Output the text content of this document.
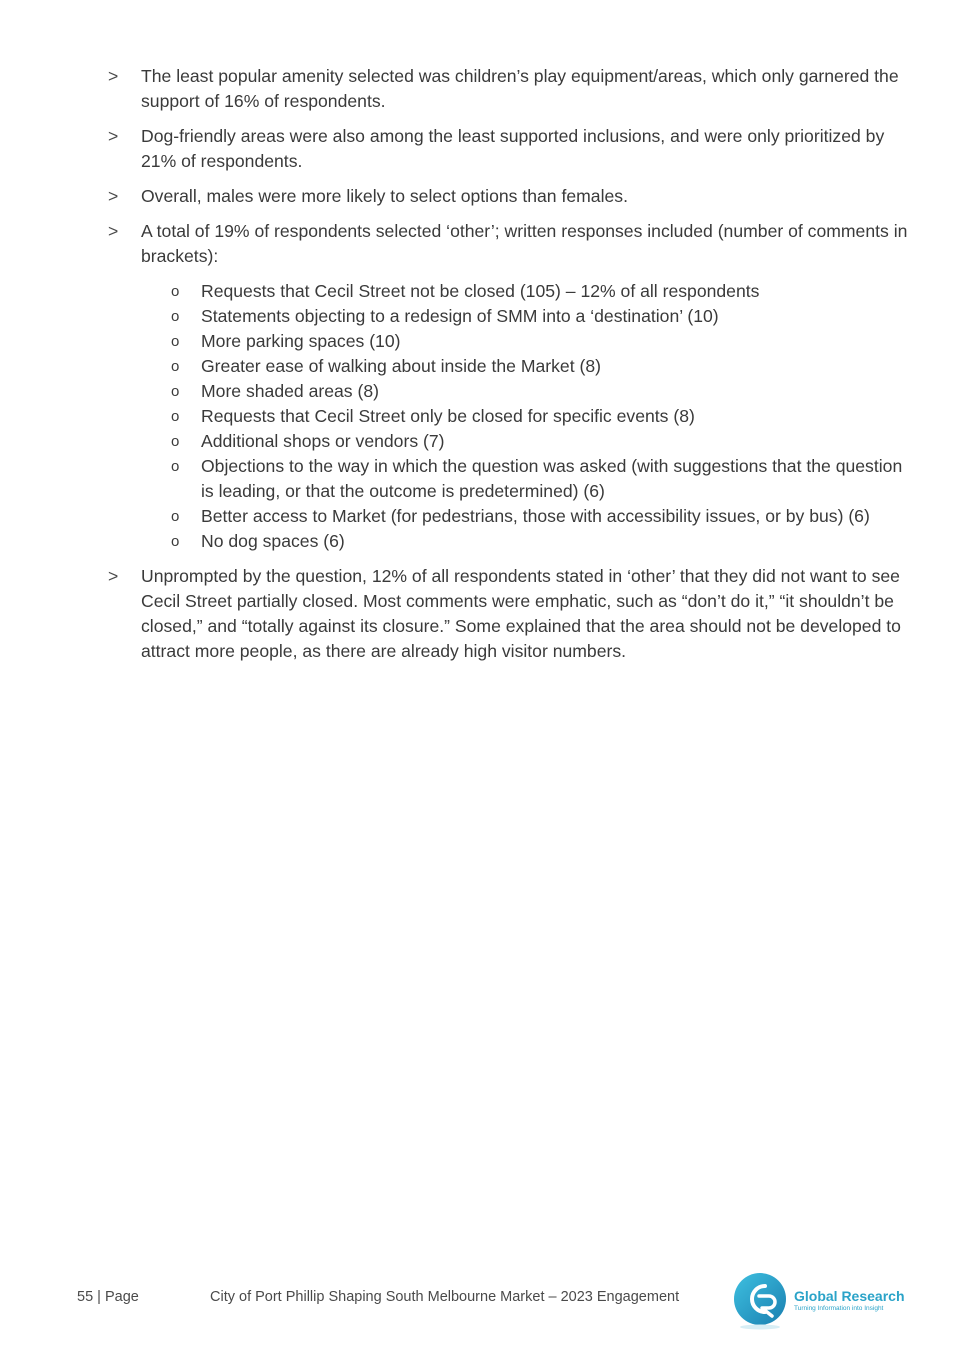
>	The least popular amenity selected was children’s play equipment/areas, which only garnered the support of 16% of respondents.
>	Dog-friendly areas were also among the least supported inclusions, and were only prioritized by 21% of respondents.
>	Overall, males were more likely to select options than females.
>	A total of 19% of respondents selected ‘other’; written responses included (number of comments in brackets):
o	Requests that Cecil Street not be closed (105) – 12% of all respondents
o	Statements objecting to a redesign of SMM into a ‘destination’ (10)
o	More parking spaces (10)
o	Greater ease of walking about inside the Market (8)
o	More shaded areas (8)
o	Requests that Cecil Street only be closed for specific events (8)
o	Additional shops or vendors (7)
o	Objections to the way in which the question was asked (with suggestions that the question is leading, or that the outcome is predetermined) (6)
o	Better access to Market (for pedestrians, those with accessibility issues, or by bus) (6)
o	No dog spaces (6)
>	Unprompted by the question, 12% of all respondents stated in ‘other’ that they did not want to see Cecil Street partially closed. Most comments were emphatic, such as “don’t do it,” “it shouldn’t be closed,” and “totally against its closure.” Some explained that the area should not be developed to attract more people, as there are already high visitor numbers.
55 | Page	City of Port Phillip Shaping South Melbourne Market – 2023 Engagement	Global Research
Turning Information into Insight
